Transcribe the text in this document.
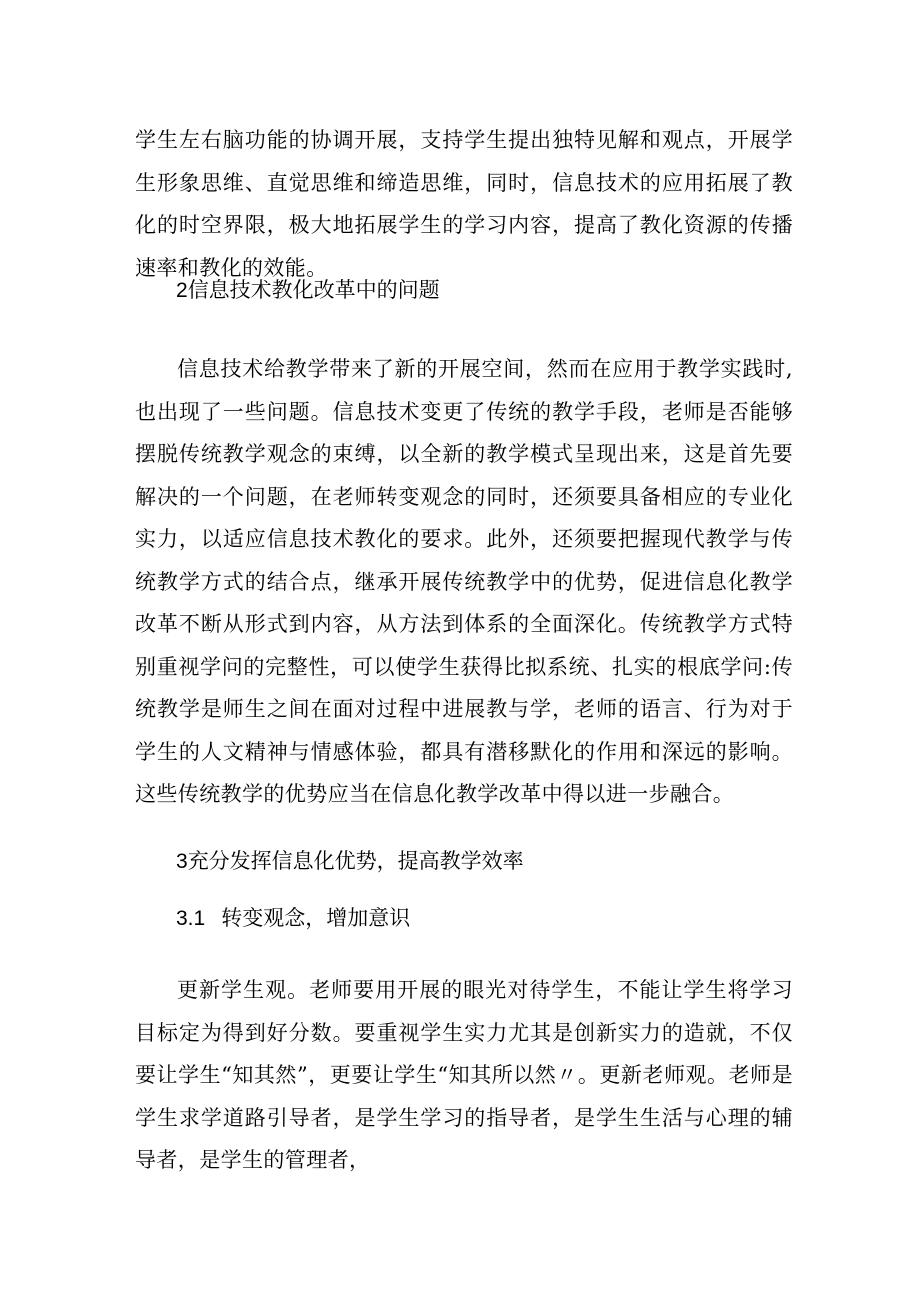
学生左右脑功能的协调开展，支持学生提出独特见解和观点，开展学生形象思维、直觉思维和缔造思维，同时，信息技术的应用拓展了教化的时空界限，极大地拓展学生的学习内容，提高了教化资源的传播速率和教化的效能。

2信息技术教化改革中的问题

信息技术给教学带来了新的开展空间，然而在应用于教学实践时,也出现了一些问题。信息技术变更了传统的教学手段，老师是否能够摆脱传统教学观念的束缚，以全新的教学模式呈现出来，这是首先要解决的一个问题，在老师转变观念的同时，还须要具备相应的专业化实力，以适应信息技术教化的要求。此外，还须要把握现代教学与传统教学方式的结合点，继承开展传统教学中的优势，促进信息化教学改革不断从形式到内容，从方法到体系的全面深化。传统教学方式特别重视学问的完整性，可以使学生获得比拟系统、扎实的根底学问:传统教学是师生之间在面对过程中进展教与学，老师的语言、行为对于学生的人文精神与情感体验，都具有潜移默化的作用和深远的影响。这些传统教学的优势应当在信息化教学改革中得以进一步融合。

3充分发挥信息化优势，提高教学效率
3.1 转变观念，增加意识

更新学生观。老师要用开展的眼光对待学生，不能让学生将学习目标定为得到好分数。要重视学生实力尤其是创新实力的造就，不仅要让学生“知其然”，更要让学生“知其所以然〃。更新老师观。老师是学生求学道路引导者，是学生学习的指导者，是学生生活与心理的辅导者，是学生的管理者，
